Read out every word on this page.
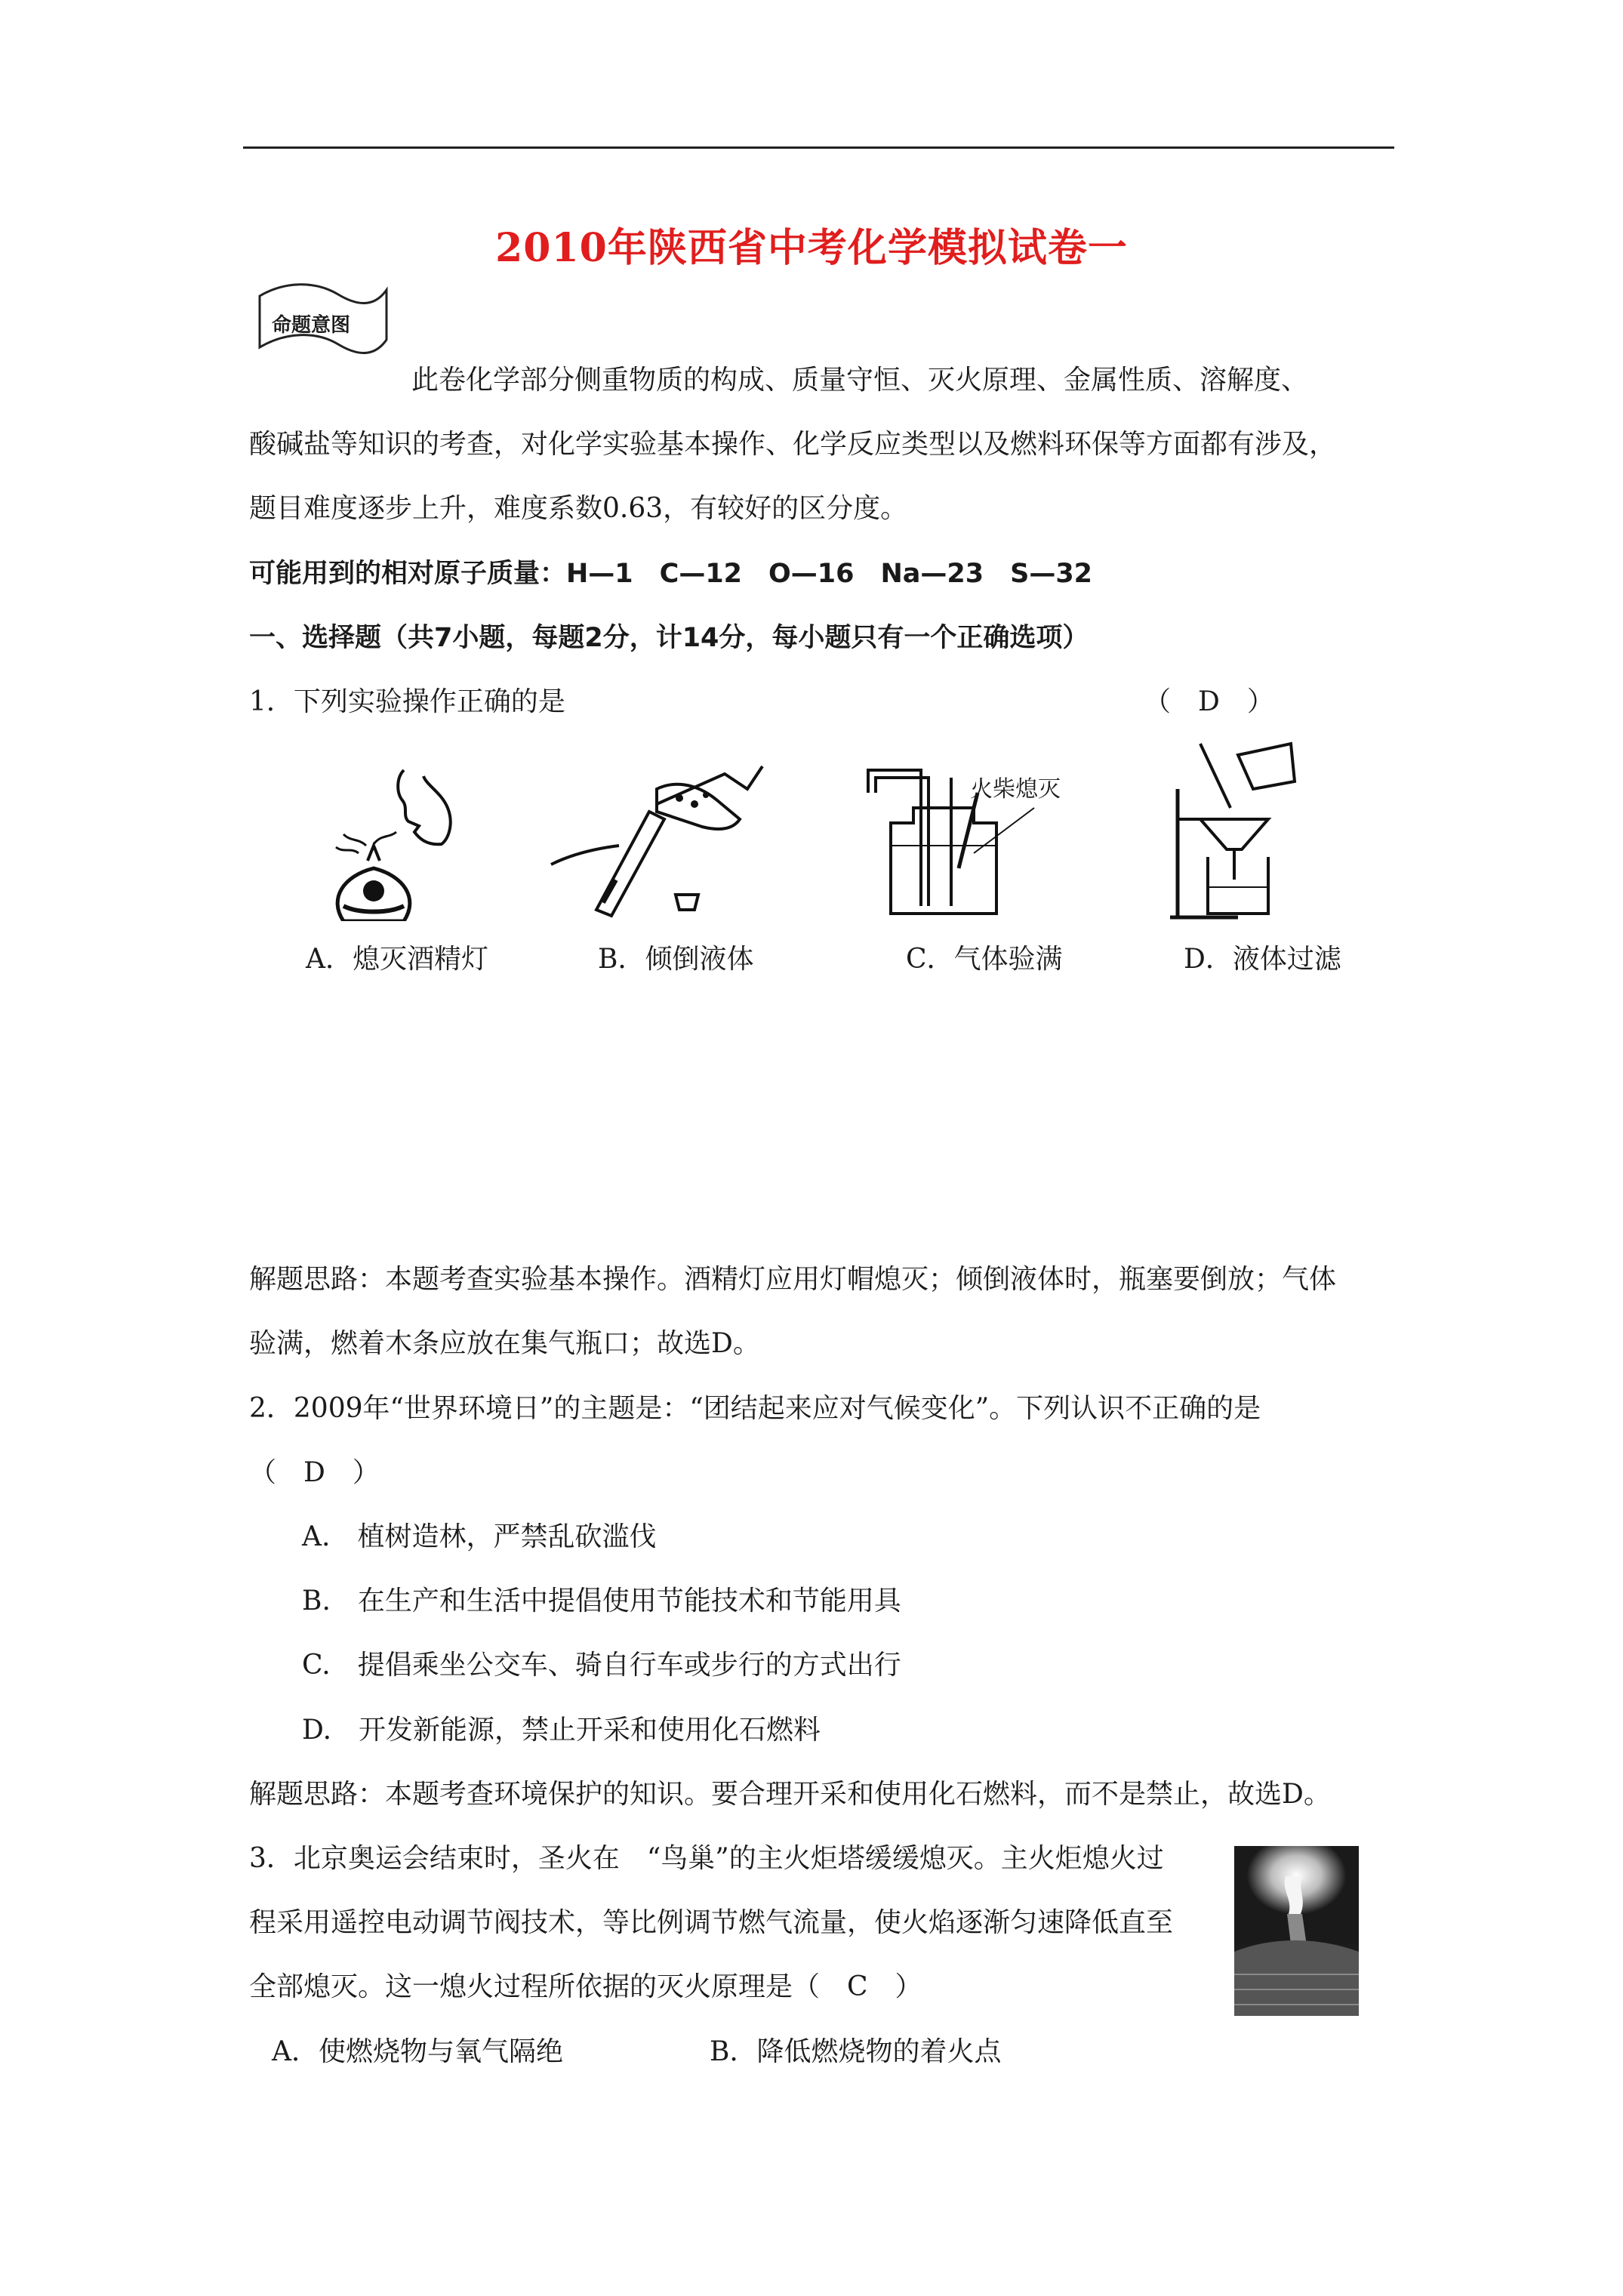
2010年陕西省中考化学模拟试卷一
命题意图
此卷化学部分侧重物质的构成、质量守恒、灭火原理、金属性质、溶解度、
酸碱盐等知识的考查，对化学实验基本操作、化学反应类型以及燃料环保等方面都有涉及，
题目难度逐步上升，难度系数0.63，有较好的区分度。
可能用到的相对原子质量：H—1　C—12　O—16　Na—23　S—32
一、选择题（共7小题，每题2分，计14分，每小题只有一个正确选项）
1．下列实验操作正确的是	（　D　）
火柴熄灭
A．熄灭酒精灯	B．倾倒液体	C．气体验满	D．液体过滤
解题思路：本题考查实验基本操作。酒精灯应用灯帽熄灭；倾倒液体时，瓶塞要倒放；气体
验满，燃着木条应放在集气瓶口；故选D。
2．2009年“世界环境日”的主题是：“团结起来应对气候变化”。下列认识不正确的是
（　D　）
A.　植树造林，严禁乱砍滥伐
B.　在生产和生活中提倡使用节能技术和节能用具
C.　提倡乘坐公交车、骑自行车或步行的方式出行
D.　开发新能源，禁止开采和使用化石燃料
解题思路：本题考查环境保护的知识。要合理开采和使用化石燃料，而不是禁止，故选D。
3．北京奥运会结束时，圣火在　“鸟巢”的主火炬塔缓缓熄灭。主火炬熄火过
程采用遥控电动调节阀技术，等比例调节燃气流量，使火焰逐渐匀速降低直至
全部熄灭。这一熄火过程所依据的灭火原理是（　C　）
A．使燃烧物与氧气隔绝	B．降低燃烧物的着火点
